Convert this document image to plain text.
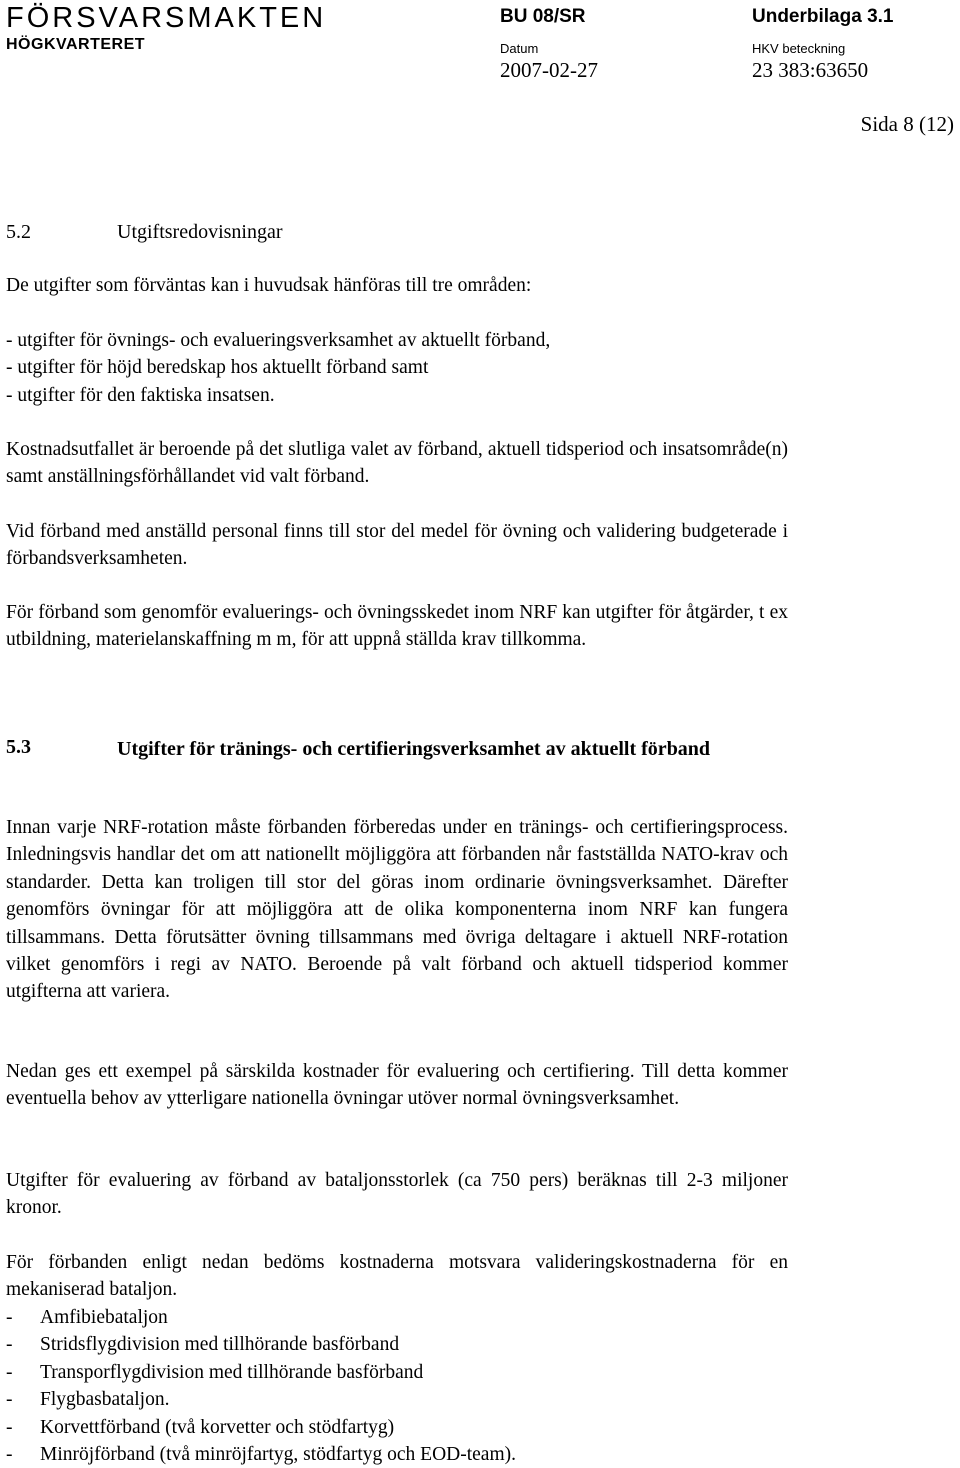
FÖRSVARSMAKTEN
HÖGKVARTERET
BU 08/SR	Underbilaga 3.1
Datum	HKV beteckning
2007-02-27	23 383:63650
Sida 8 (12)
5.2	Utgiftsredovisningar

De utgifter som förväntas kan i huvudsak hänföras till tre områden:

- utgifter för övnings- och evalueringsverksamhet av aktuellt förband,
- utgifter för höjd beredskap hos aktuellt förband samt
- utgifter för den faktiska insatsen.

Kostnadsutfallet är beroende på det slutliga valet av förband, aktuell tidsperiod och insatsområde(n) samt anställningsförhållandet vid valt förband.

Vid förband med anställd personal finns till stor del medel för övning och validering budgeterade i förbandsverksamheten.

För förband som genomför evaluerings- och övningsskedet inom NRF kan utgifter för åtgärder, t ex utbildning, materielanskaffning m m, för att uppnå ställda krav tillkomma.

5.3	Utgifter för tränings- och certifieringsverksamhet av aktuellt förband

Innan varje NRF-rotation måste förbanden förberedas under en tränings- och certifieringsprocess. Inledningsvis handlar det om att nationellt möjliggöra att förbanden når fastställda NATO-krav och standarder. Detta kan troligen till stor del göras inom ordinarie övningsverksamhet. Därefter genomförs övningar för att möjliggöra att de olika komponenterna inom NRF kan fungera tillsammans. Detta förutsätter övning tillsammans med övriga deltagare i aktuell NRF-rotation vilket genomförs i regi av NATO. Beroende på valt förband och aktuell tidsperiod kommer utgifterna att variera.

Nedan ges ett exempel på särskilda kostnader för evaluering och certifiering. Till detta kommer eventuella behov av ytterligare nationella övningar utöver normal övningsverksamhet.

Utgifter för evaluering av förband av bataljonsstorlek (ca 750 pers) beräknas till 2-3 miljoner kronor.

För förbanden enligt nedan bedöms kostnaderna motsvara valideringskostnaderna för en mekaniserad bataljon.

-	Amfibiebataljon
-	Stridsflygdivision med tillhörande basförband
-	Transporflygdivision med tillhörande basförband
-	Flygbasbataljon.
-	Korvettförband (två korvetter och stödfartyg)
-	Minröjförband (två minröjfartyg, stödfartyg och EOD-team).
